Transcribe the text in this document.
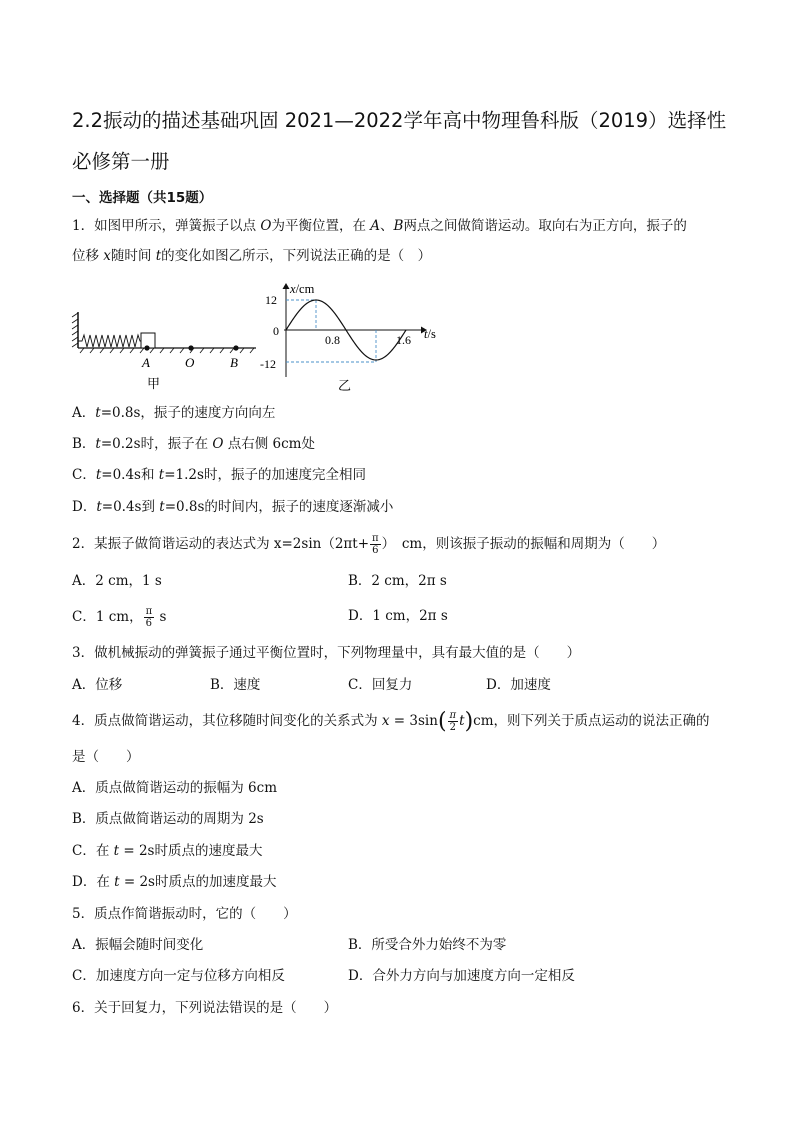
2.2振动的描述基础巩固 2021—2022学年高中物理鲁科版（2019）选择性必修第一册
一、选择题（共15题）
1．如图甲所示，弹簧振子以点 O为平衡位置，在 A、B两点之间做简谐运动。取向右为正方向，振子的
位移 x随时间 t的变化如图乙所示，下列说法正确的是（　）
A	O	B
甲
x/cm
t/s
12
0
-12
0.8	1.6
乙
A．t=0.8s，振子的速度方向向左
B．t=0.2s时，振子在 O 点右侧 6cm处
C．t=0.4s和 t=1.2s时，振子的加速度完全相同
D．t=0.4s到 t=0.8s的时间内，振子的速度逐渐减小
2．某振子做简谐运动的表达式为 $x=2\sin(2\pi t+ \frac{\pi}{6}$ ）　cm，则该振子振动的振幅和周期为（　　）
A．2 cm，1 s	B．2 cm，2π s
C．1 cm， $\frac{\pi}{6}$ s	D．1 cm，2π s
3．做机械振动的弹簧振子通过平衡位置时，下列物理量中，具有最大值的是（　　）
A．位移	B．速度	C．回复力	D．加速度
4．质点做简谐运动，其位移随时间变化的关系式为 $x = 3\sin( \frac{\pi}{2} t)cm$，则下列关于质点运动的说法正确的
是（　　）
A．质点做简谐运动的振幅为 6cm
B．质点做简谐运动的周期为 2s
C．在 t = 2s时质点的速度最大
D．在 t = 2s时质点的加速度最大
5．质点作简谐振动时，它的（　　）
A．振幅会随时间变化	B．所受合外力始终不为零
C．加速度方向一定与位移方向相反	D．合外力方向与加速度方向一定相反
6．关于回复力，下列说法错误的是（　　）
